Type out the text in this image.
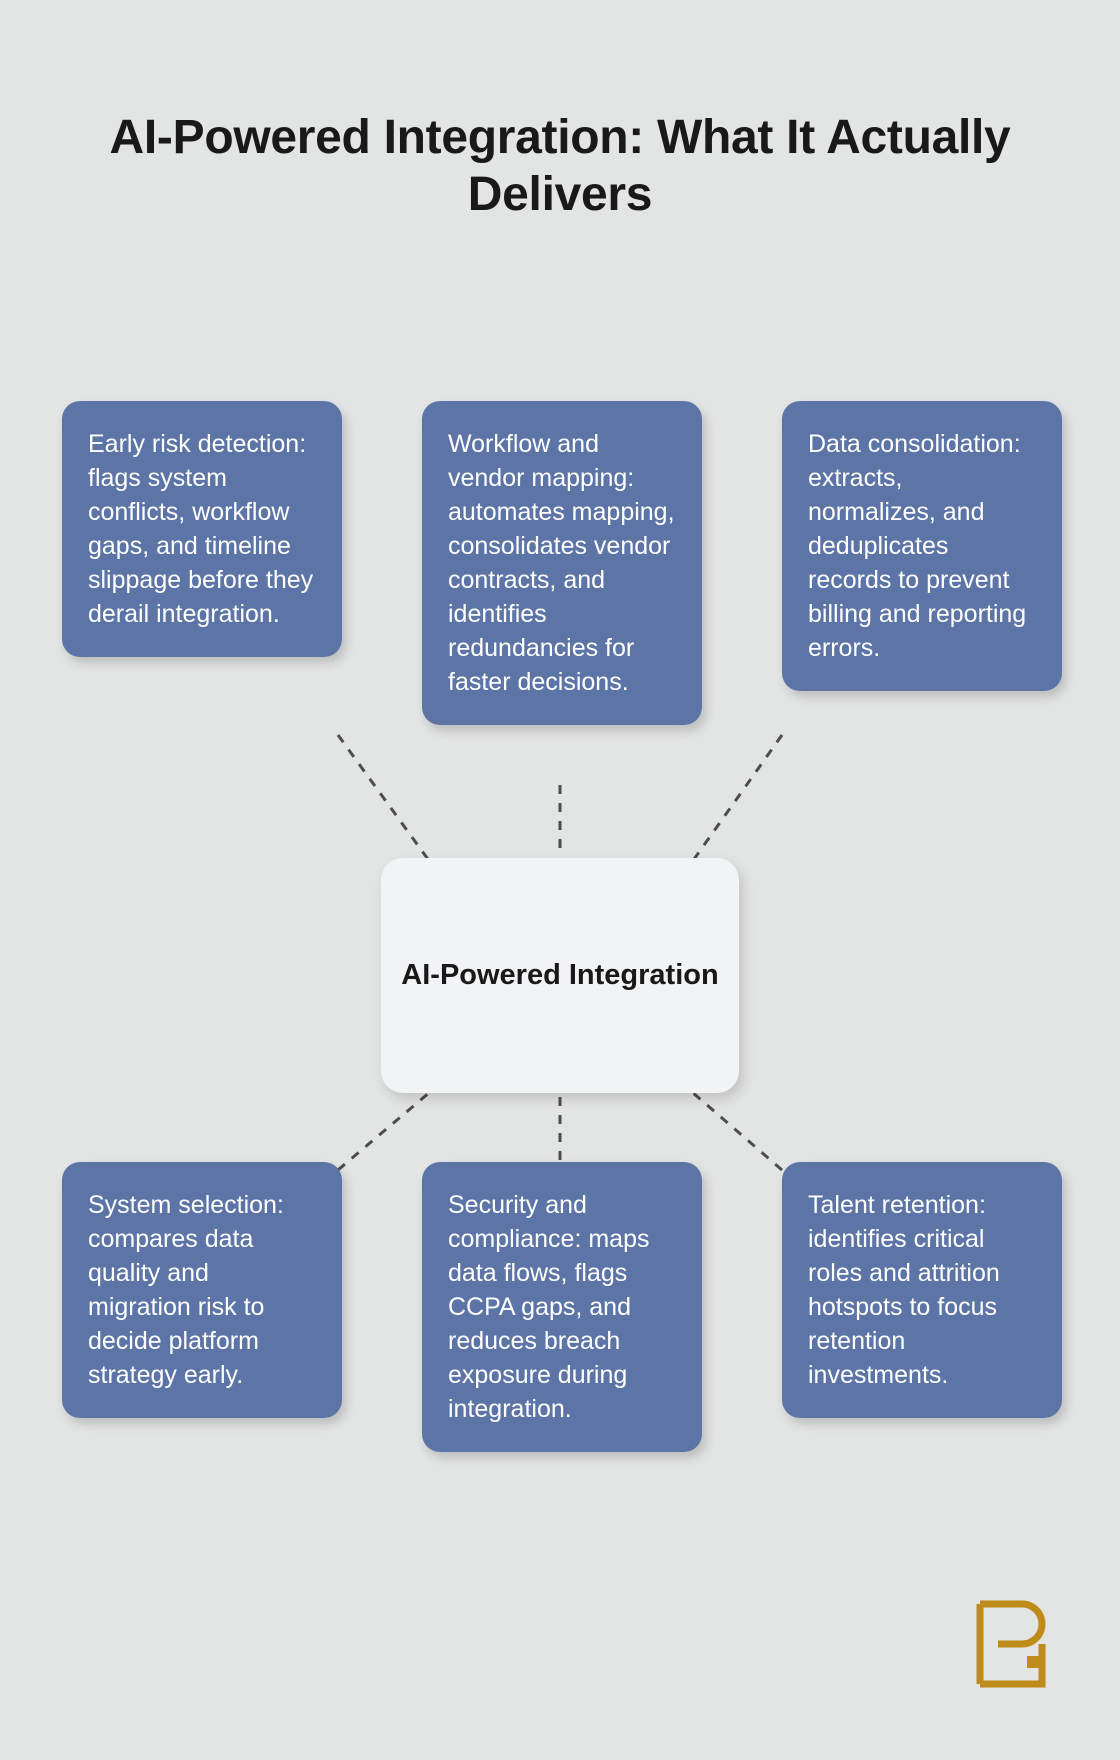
AI-Powered Integration: What It Actually Delivers
Early risk detection: flags system conflicts, workflow gaps, and timeline slippage before they derail integration.
Workflow and vendor mapping: automates mapping, consolidates vendor contracts, and identifies redundancies for faster decisions.
Data consolidation: extracts, normalizes, and deduplicates records to prevent billing and reporting errors.
AI-Powered Integration
System selection: compares data quality and migration risk to decide platform strategy early.
Security and compliance: maps data flows, flags CCPA gaps, and reduces breach exposure during integration.
Talent retention: identifies critical roles and attrition hotspots to focus retention investments.
